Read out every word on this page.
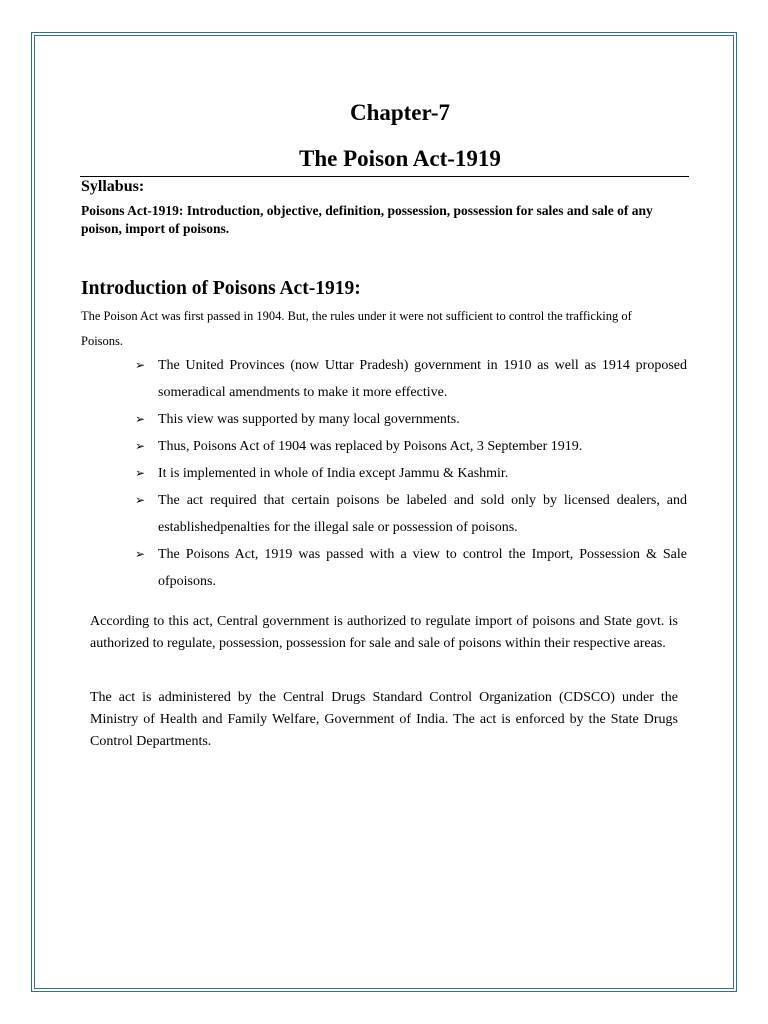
Chapter-7
The Poison Act-1919
Syllabus:
Poisons Act-1919: Introduction, objective, definition, possession, possession for sales and sale of any poison, import of poisons.
Introduction of Poisons Act-1919:
The Poison Act was first passed in 1904. But, the rules under it were not sufficient to control the trafficking of Poisons.
➢ The United Provinces (now Uttar Pradesh) government in 1910 as well as 1914 proposed someradical amendments to make it more effective.
➢ This view was supported by many local governments.
➢ Thus, Poisons Act of 1904 was replaced by Poisons Act, 3 September 1919.
➢ It is implemented in whole of India except Jammu & Kashmir.
➢ The act required that certain poisons be labeled and sold only by licensed dealers, and establishedpenalties for the illegal sale or possession of poisons.
➢ The Poisons Act, 1919 was passed with a view to control the Import, Possession & Sale ofpoisons.
According to this act, Central government is authorized to regulate import of poisons and State govt. is authorized to regulate, possession, possession for sale and sale of poisons within their respective areas.
The act is administered by the Central Drugs Standard Control Organization (CDSCO) under the Ministry of Health and Family Welfare, Government of India. The act is enforced by the State Drugs Control Departments.
